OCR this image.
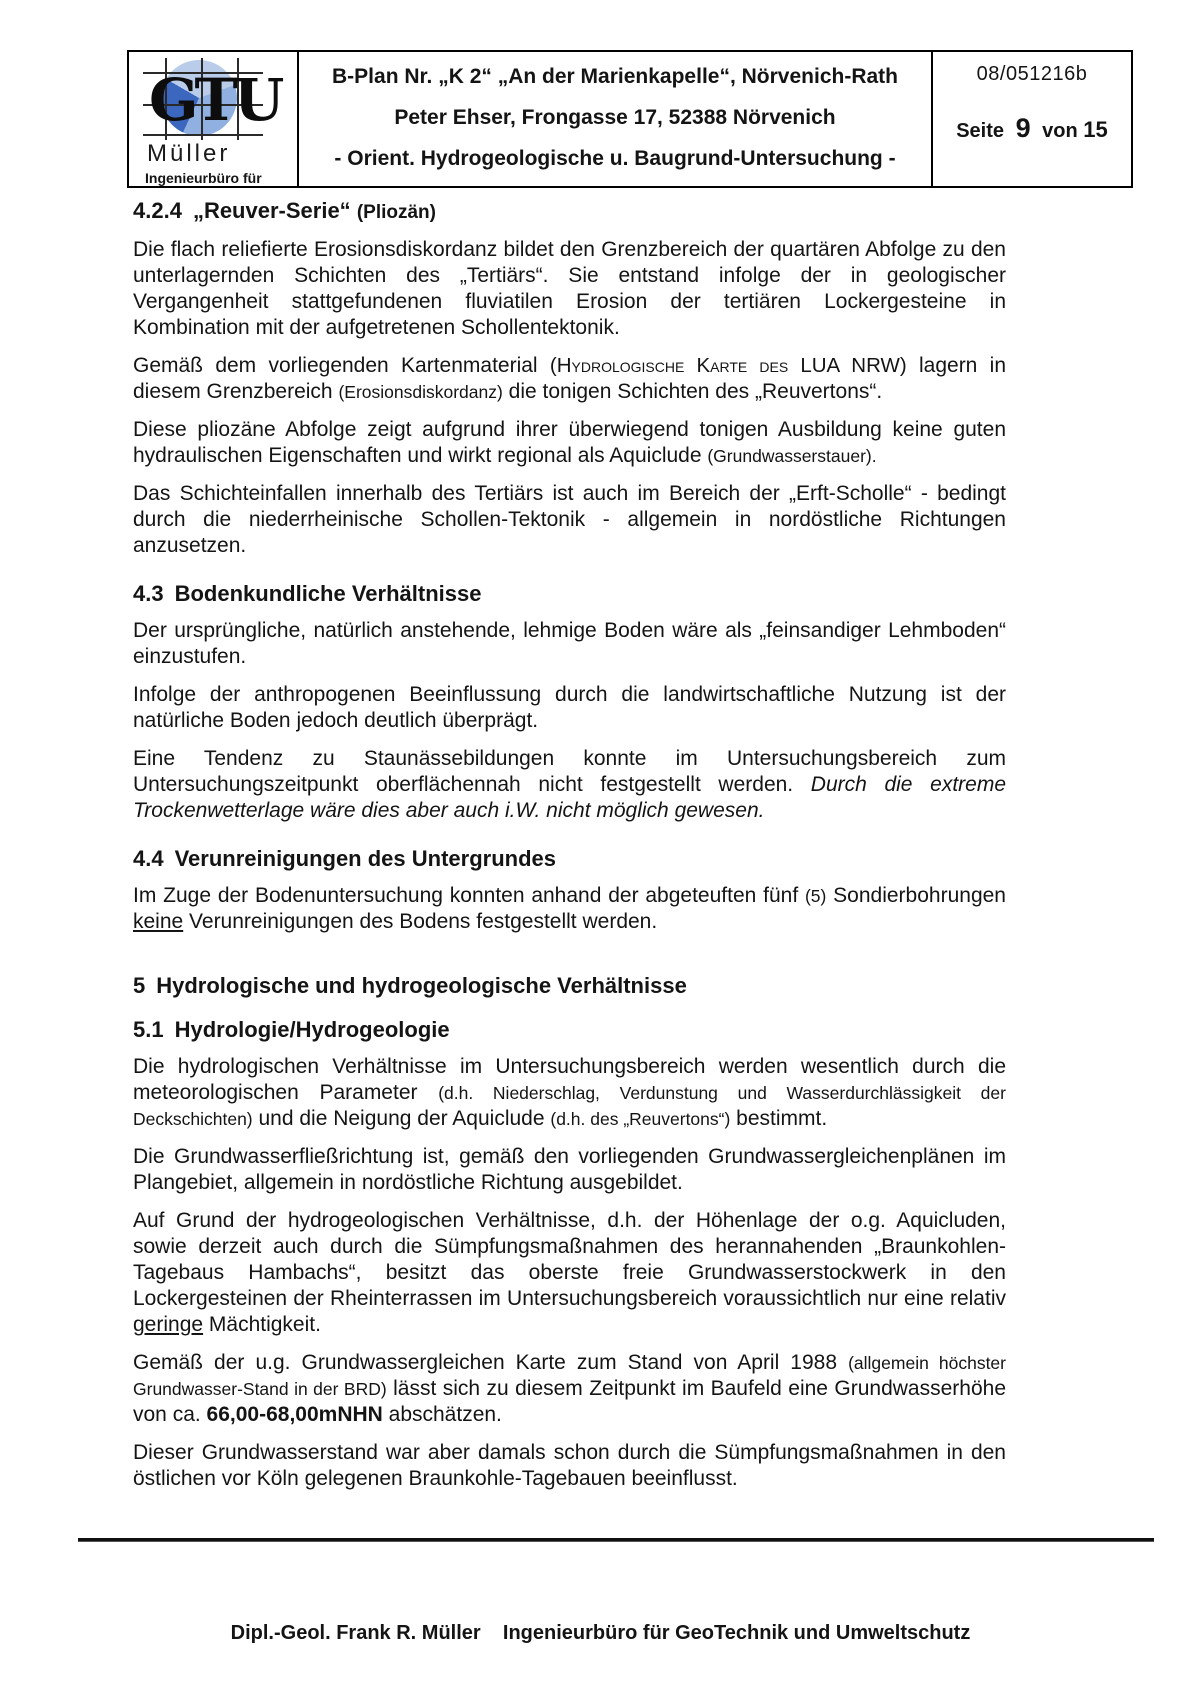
GTU
Müller
Ingenieurbüro für
B-Plan Nr. „K 2“ „An der Marienkapelle“, Nörvenich-Rath
Peter Ehser, Frongasse 17, 52388 Nörvenich
- Orient. Hydrogeologische u. Baugrund-Untersuchung -
08/051216b
Seite 9 von 15
4.2.4 „Reuver-Serie“ (Pliozän)

Die flach reliefierte Erosionsdiskordanz bildet den Grenzbereich der quartären Abfolge zu den unterlagernden Schichten des „Tertiärs“. Sie entstand infolge der in geologischer Vergangenheit stattgefundenen fluviatilen Erosion der tertiären Lockergesteine in Kombination mit der aufgetretenen Schollentektonik.

Gemäß dem vorliegenden Kartenmaterial (Hydrologische Karte des LUA NRW) lagern in diesem Grenzbereich (Erosionsdiskordanz) die tonigen Schichten des „Reuvertons“.

Diese pliozäne Abfolge zeigt aufgrund ihrer überwiegend tonigen Ausbildung keine guten hydraulischen Eigenschaften und wirkt regional als Aquiclude (Grundwasserstauer).

Das Schichteinfallen innerhalb des Tertiärs ist auch im Bereich der „Erft-Scholle“ - bedingt durch die niederrheinische Schollen-Tektonik - allgemein in nordöstliche Richtungen anzusetzen.

4.3 Bodenkundliche Verhältnisse

Der ursprüngliche, natürlich anstehende, lehmige Boden wäre als „feinsandiger Lehmboden“ einzustufen.

Infolge der anthropogenen Beeinflussung durch die landwirtschaftliche Nutzung ist der natürliche Boden jedoch deutlich überprägt.

Eine Tendenz zu Staunässebildungen konnte im Untersuchungsbereich zum Untersuchungszeitpunkt oberflächennah nicht festgestellt werden. Durch die extreme Trockenwetterlage wäre dies aber auch i.W. nicht möglich gewesen.

4.4 Verunreinigungen des Untergrundes

Im Zuge der Bodenuntersuchung konnten anhand der abgeteuften fünf (5) Sondierbohrungen keine Verunreinigungen des Bodens festgestellt werden.

5 Hydrologische und hydrogeologische Verhältnisse
5.1 Hydrologie/Hydrogeologie

Die hydrologischen Verhältnisse im Untersuchungsbereich werden wesentlich durch die meteorologischen Parameter (d.h. Niederschlag, Verdunstung und Wasserdurchlässigkeit der Deckschichten) und die Neigung der Aquiclude (d.h. des „Reuvertons“) bestimmt.

Die Grundwasserfließrichtung ist, gemäß den vorliegenden Grundwassergleichenplänen im Plangebiet, allgemein in nordöstliche Richtung ausgebildet.

Auf Grund der hydrogeologischen Verhältnisse, d.h. der Höhenlage der o.g. Aquicluden, sowie derzeit auch durch die Sümpfungsmaßnahmen des herannahenden „Braunkohlen-Tagebaus Hambachs“, besitzt das oberste freie Grundwasserstockwerk in den Lockergesteinen der Rheinterrassen im Untersuchungsbereich voraussichtlich nur eine relativ geringe Mächtigkeit.

Gemäß der u.g. Grundwassergleichen Karte zum Stand von April 1988 (allgemein höchster Grundwasser-Stand in der BRD) lässt sich zu diesem Zeitpunkt im Baufeld eine Grundwasserhöhe von ca. 66,00-68,00mNHN abschätzen.

Dieser Grundwasserstand war aber damals schon durch die Sümpfungsmaßnahmen in den östlichen vor Köln gelegenen Braunkohle-Tagebauen beeinflusst.

Dipl.-Geol. Frank R. Müller    Ingenieurbüro für GeoTechnik und Umweltschutz
